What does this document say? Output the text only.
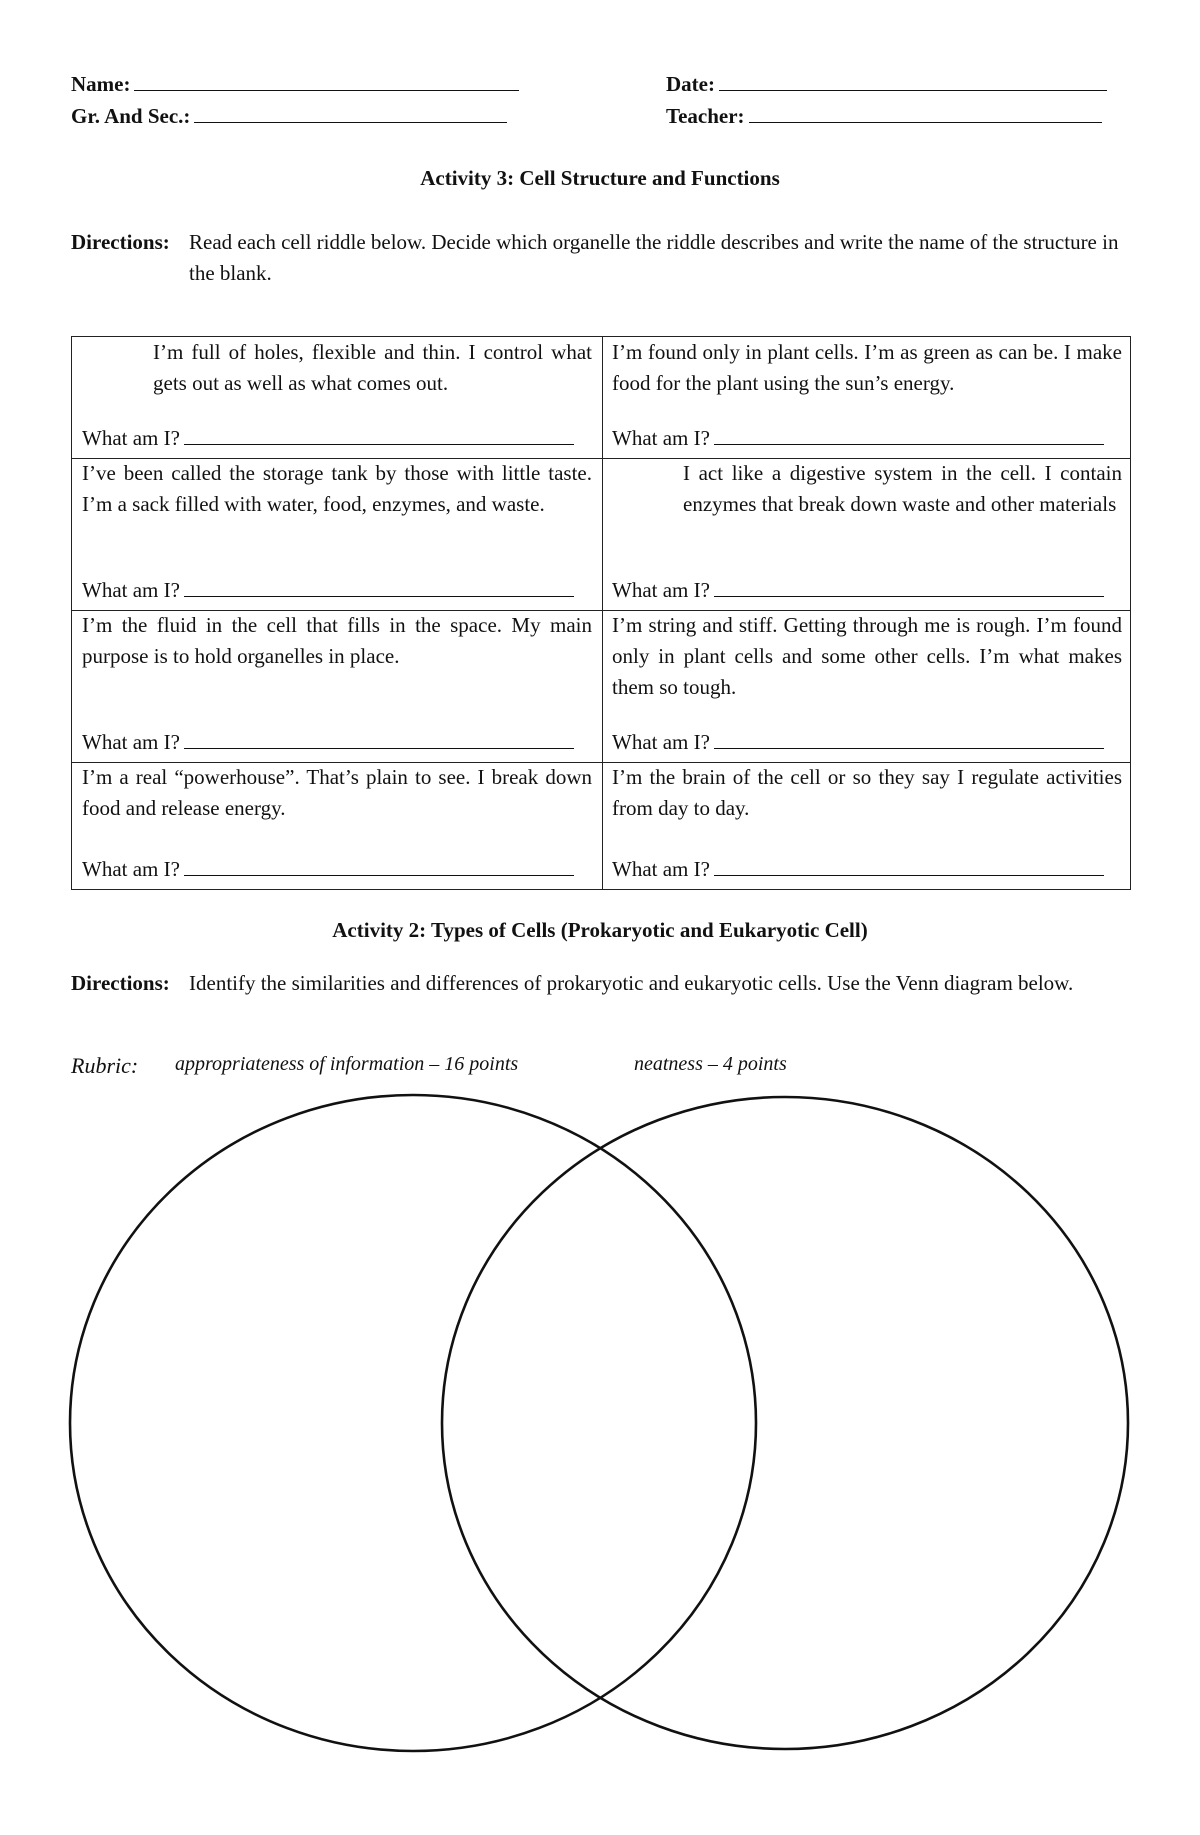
Name:	Date:
Gr. And Sec.:	Teacher:
Activity 3: Cell Structure and Functions
Directions: Read each cell riddle below. Decide which organelle the riddle describes and write the name of the structure in the blank.
I’m full of holes, flexible and thin. I control what gets out as well as what comes out.
What am I?
I’m found only in plant cells. I’m as green as can be. I make food for the plant using the sun’s energy.
What am I?
I’ve been called the storage tank by those with little taste. I’m a sack filled with water, food, enzymes, and waste.
What am I?
I act like a digestive system in the cell. I contain enzymes that break down waste and other materials
What am I?
I’m the fluid in the cell that fills in the space. My main purpose is to hold organelles in place.
What am I?
I’m string and stiff. Getting through me is rough. I’m found only in plant cells and some other cells. I’m what makes them so tough.
What am I?
I’m a real “powerhouse”. That’s plain to see. I break down food and release energy.
What am I?
I’m the brain of the cell or so they say I regulate activities from day to day.
What am I?
Activity 2: Types of Cells (Prokaryotic and Eukaryotic Cell)
Directions: Identify the similarities and differences of prokaryotic and eukaryotic cells. Use the Venn diagram below.
Rubric: appropriateness of information – 16 points	neatness – 4 points
